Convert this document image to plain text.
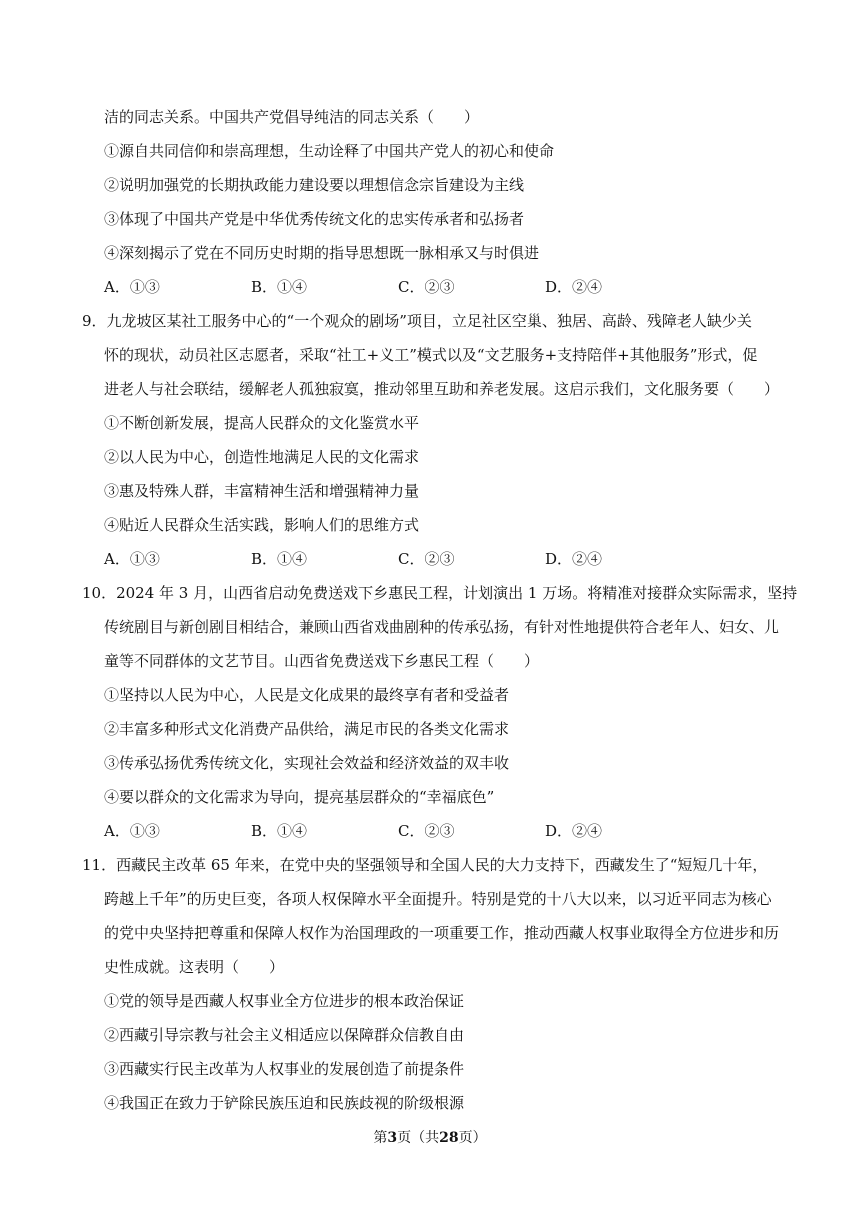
洁的同志关系。中国共产党倡导纯洁的同志关系（　　）
①源自共同信仰和崇高理想，生动诠释了中国共产党人的初心和使命
②说明加强党的长期执政能力建设要以理想信念宗旨建设为主线
③体现了中国共产党是中华优秀传统文化的忠实传承者和弘扬者
④深刻揭示了党在不同历史时期的指导思想既一脉相承又与时俱进
A．①③	B．①④	C．②③	D．②④
9．九龙坡区某社工服务中心的“一个观众的剧场”项目，立足社区空巢、独居、高龄、残障老人缺少关
怀的现状，动员社区志愿者，采取“社工+义工”模式以及“文艺服务+支持陪伴+其他服务”形式，促
进老人与社会联结，缓解老人孤独寂寞，推动邻里互助和养老发展。这启示我们，文化服务要（　　）
①不断创新发展，提高人民群众的文化鉴赏水平
②以人民为中心，创造性地满足人民的文化需求
③惠及特殊人群，丰富精神生活和增强精神力量
④贴近人民群众生活实践，影响人们的思维方式
A．①③	B．①④	C．②③	D．②④
10．2024 年 3 月，山西省启动免费送戏下乡惠民工程，计划演出 1 万场。将精准对接群众实际需求，坚持
传统剧目与新创剧目相结合，兼顾山西省戏曲剧种的传承弘扬，有针对性地提供符合老年人、妇女、儿
童等不同群体的文艺节目。山西省免费送戏下乡惠民工程（　　）
①坚持以人民为中心，人民是文化成果的最终享有者和受益者
②丰富多种形式文化消费产品供给，满足市民的各类文化需求
③传承弘扬优秀传统文化，实现社会效益和经济效益的双丰收
④要以群众的文化需求为导向，提亮基层群众的“幸福底色”
A．①③	B．①④	C．②③	D．②④
11．西藏民主改革 65 年来，在党中央的坚强领导和全国人民的大力支持下，西藏发生了“短短几十年，
跨越上千年”的历史巨变，各项人权保障水平全面提升。特别是党的十八大以来，以习近平同志为核心
的党中央坚持把尊重和保障人权作为治国理政的一项重要工作，推动西藏人权事业取得全方位进步和历
史性成就。这表明（　　）
①党的领导是西藏人权事业全方位进步的根本政治保证
②西藏引导宗教与社会主义相适应以保障群众信教自由
③西藏实行民主改革为人权事业的发展创造了前提条件
④我国正在致力于铲除民族压迫和民族歧视的阶级根源
第3页（共28页）
